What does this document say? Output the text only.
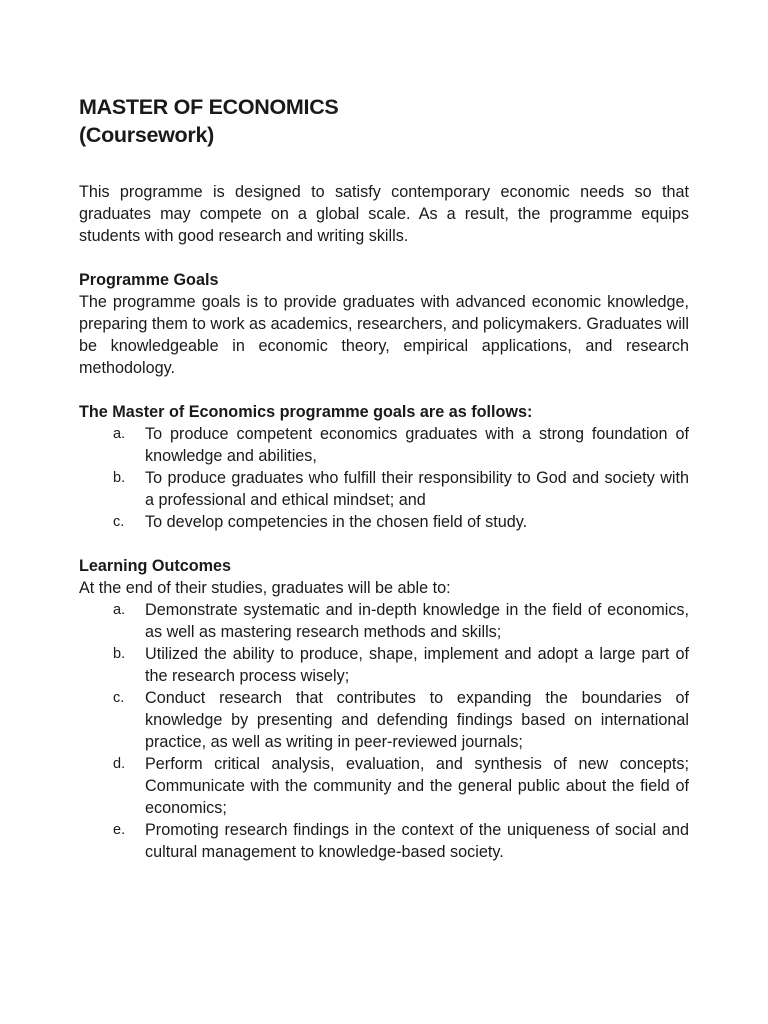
MASTER OF ECONOMICS
(Coursework)

This programme is designed to satisfy contemporary economic needs so that graduates may compete on a global scale. As a result, the programme equips students with good research and writing skills.

Programme Goals

The programme goals is to provide graduates with advanced economic knowledge, preparing them to work as academics, researchers, and policymakers. Graduates will be knowledgeable in economic theory, empirical applications, and research methodology.

The Master of Economics programme goals are as follows:

a.	To produce competent economics graduates with a strong foundation of knowledge and abilities,
b.	To produce graduates who fulfill their responsibility to God and society with a professional and ethical mindset; and
c.	To develop competencies in the chosen field of study.

Learning Outcomes

At the end of their studies, graduates will be able to:

a.	Demonstrate systematic and in-depth knowledge in the field of economics, as well as mastering research methods and skills;
b.	Utilized the ability to produce, shape, implement and adopt a large part of the research process wisely;
c.	Conduct research that contributes to expanding the boundaries of knowledge by presenting and defending findings based on international practice, as well as writing in peer-reviewed journals;
d.	Perform critical analysis, evaluation, and synthesis of new concepts; Communicate with the community and the general public about the field of economics;
e.	Promoting research findings in the context of the uniqueness of social and cultural management to knowledge-based society.
